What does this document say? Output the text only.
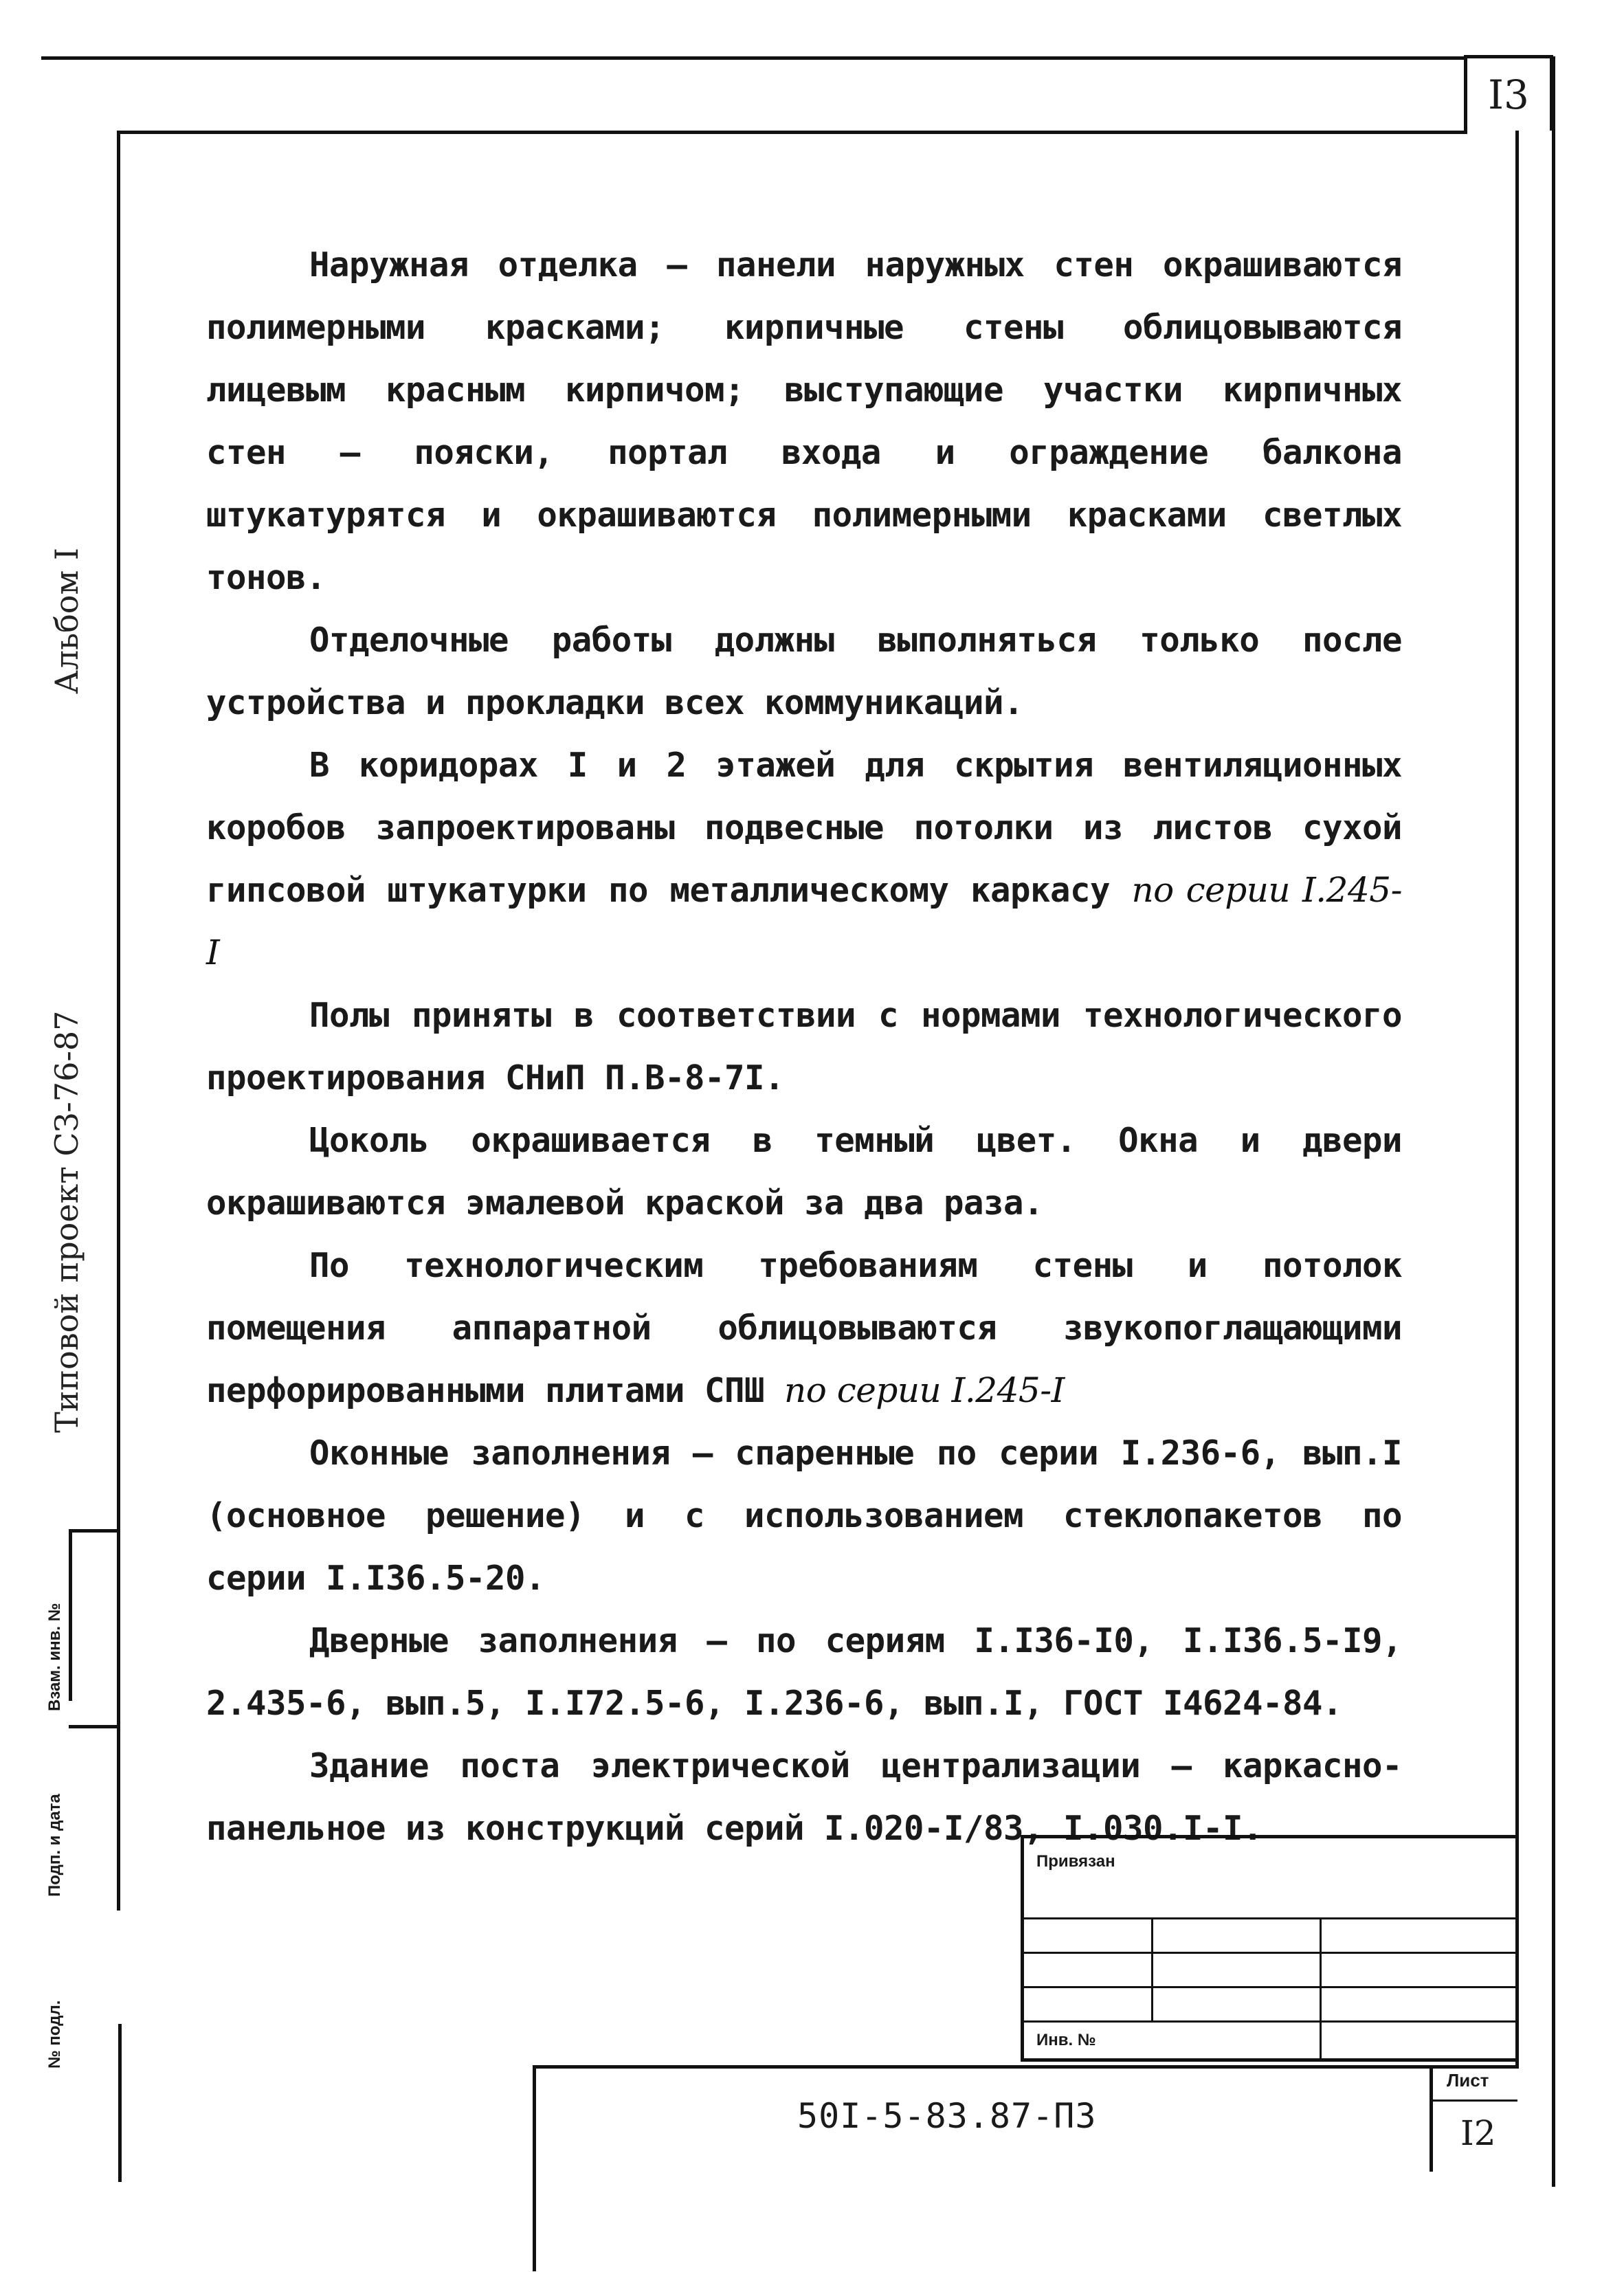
I3
Альбом I
Типовой проект СЗ-76-87
Взам. инв. №
Подп. и дата
№ подл.

Наружная отделка – панели наружных стен окрашиваются полимерными красками; кирпичные стены облицовываются лицевым красным кирпичом; выступающие участки кирпичных стен – пояски, портал входа и ограждение балкона штукатурятся и окрашиваются полимерными красками светлых тонов.

Отделочные работы должны выполняться только после устройства и прокладки всех коммуникаций.

В коридорах I и 2 этажей для скрытия вентиляционных коробов запроектированы подвесные потолки из листов сухой гипсовой штукатурки по металлическому каркасу по серии I.245-I

Полы приняты в соответствии с нормами технологического проектирования СНиП П.В-8-7I.

Цоколь окрашивается в темный цвет. Окна и двери окрашиваются эмалевой краской за два раза.

По технологическим требованиям стены и потолок помещения аппаратной облицовываются звукопоглащающими перфорированными плитами СПШ по серии I.245-I

Оконные заполнения – спаренные по серии I.236-6, вып.I (основное решение) и с использованием стеклопакетов по серии I.I36.5-20.

Дверные заполнения – по сериям I.I36-I0, I.I36.5-I9, 2.435-6, вып.5, I.I72.5-6, I.236-6, вып.I, ГОСТ I4624-84.

Здание поста электрической централизации – каркасно-панельное из конструкций серий I.020-I/83, I.030.I-I.

Привязан
Инв. №
50I-5-83.87-ПЗ
Лист
I2
